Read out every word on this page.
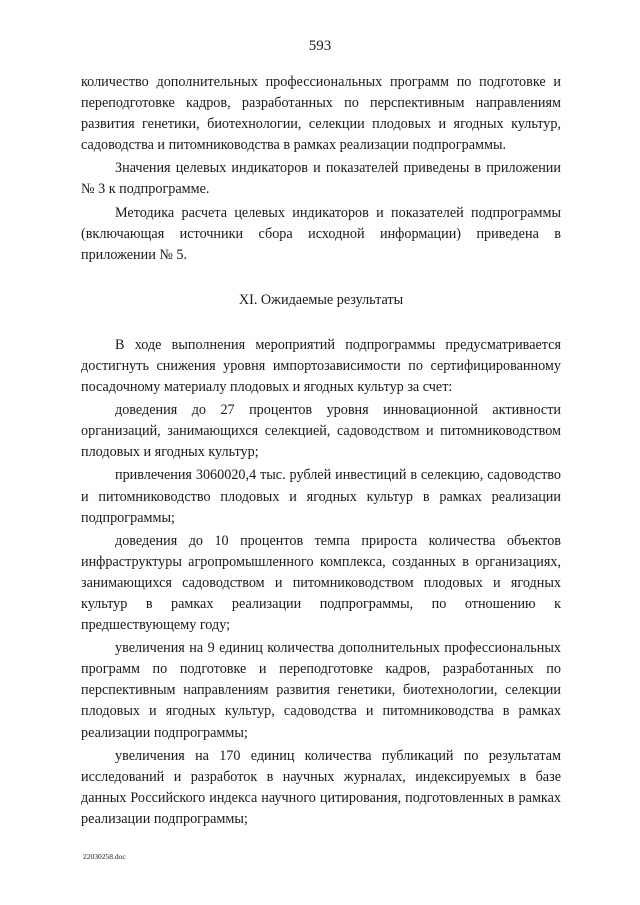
593

количество дополнительных профессиональных программ по подготовке и переподготовке кадров, разработанных по перспективным направлениям развития генетики, биотехнологии, селекции плодовых и ягодных культур, садоводства и питомниководства в рамках реализации подпрограммы.

Значения целевых индикаторов и показателей приведены в приложении № 3 к подпрограмме.

Методика расчета целевых индикаторов и показателей подпрограммы (включающая источники сбора исходной информации) приведена в приложении № 5.

XI. Ожидаемые результаты

В ходе выполнения мероприятий подпрограммы предусматривается достигнуть снижения уровня импортозависимости по сертифицированному посадочному материалу плодовых и ягодных культур за счет:

доведения до 27 процентов уровня инновационной активности организаций, занимающихся селекцией, садоводством и питомниководством плодовых и ягодных культур;

привлечения 3060020,4 тыс. рублей инвестиций в селекцию, садоводство и питомниководство плодовых и ягодных культур в рамках реализации подпрограммы;

доведения до 10 процентов темпа прироста количества объектов инфраструктуры агропромышленного комплекса, созданных в организациях, занимающихся садоводством и питомниководством плодовых и ягодных культур в рамках реализации подпрограммы, по отношению к предшествующему году;

увеличения на 9 единиц количества дополнительных профессиональных программ по подготовке и переподготовке кадров, разработанных по перспективным направлениям развития генетики, биотехнологии, селекции плодовых и ягодных культур, садоводства и питомниководства в рамках реализации подпрограммы;

увеличения на 170 единиц количества публикаций по результатам исследований и разработок в научных журналах, индексируемых в базе данных Российского индекса научного цитирования, подготовленных в рамках реализации подпрограммы;

22030258.doc
